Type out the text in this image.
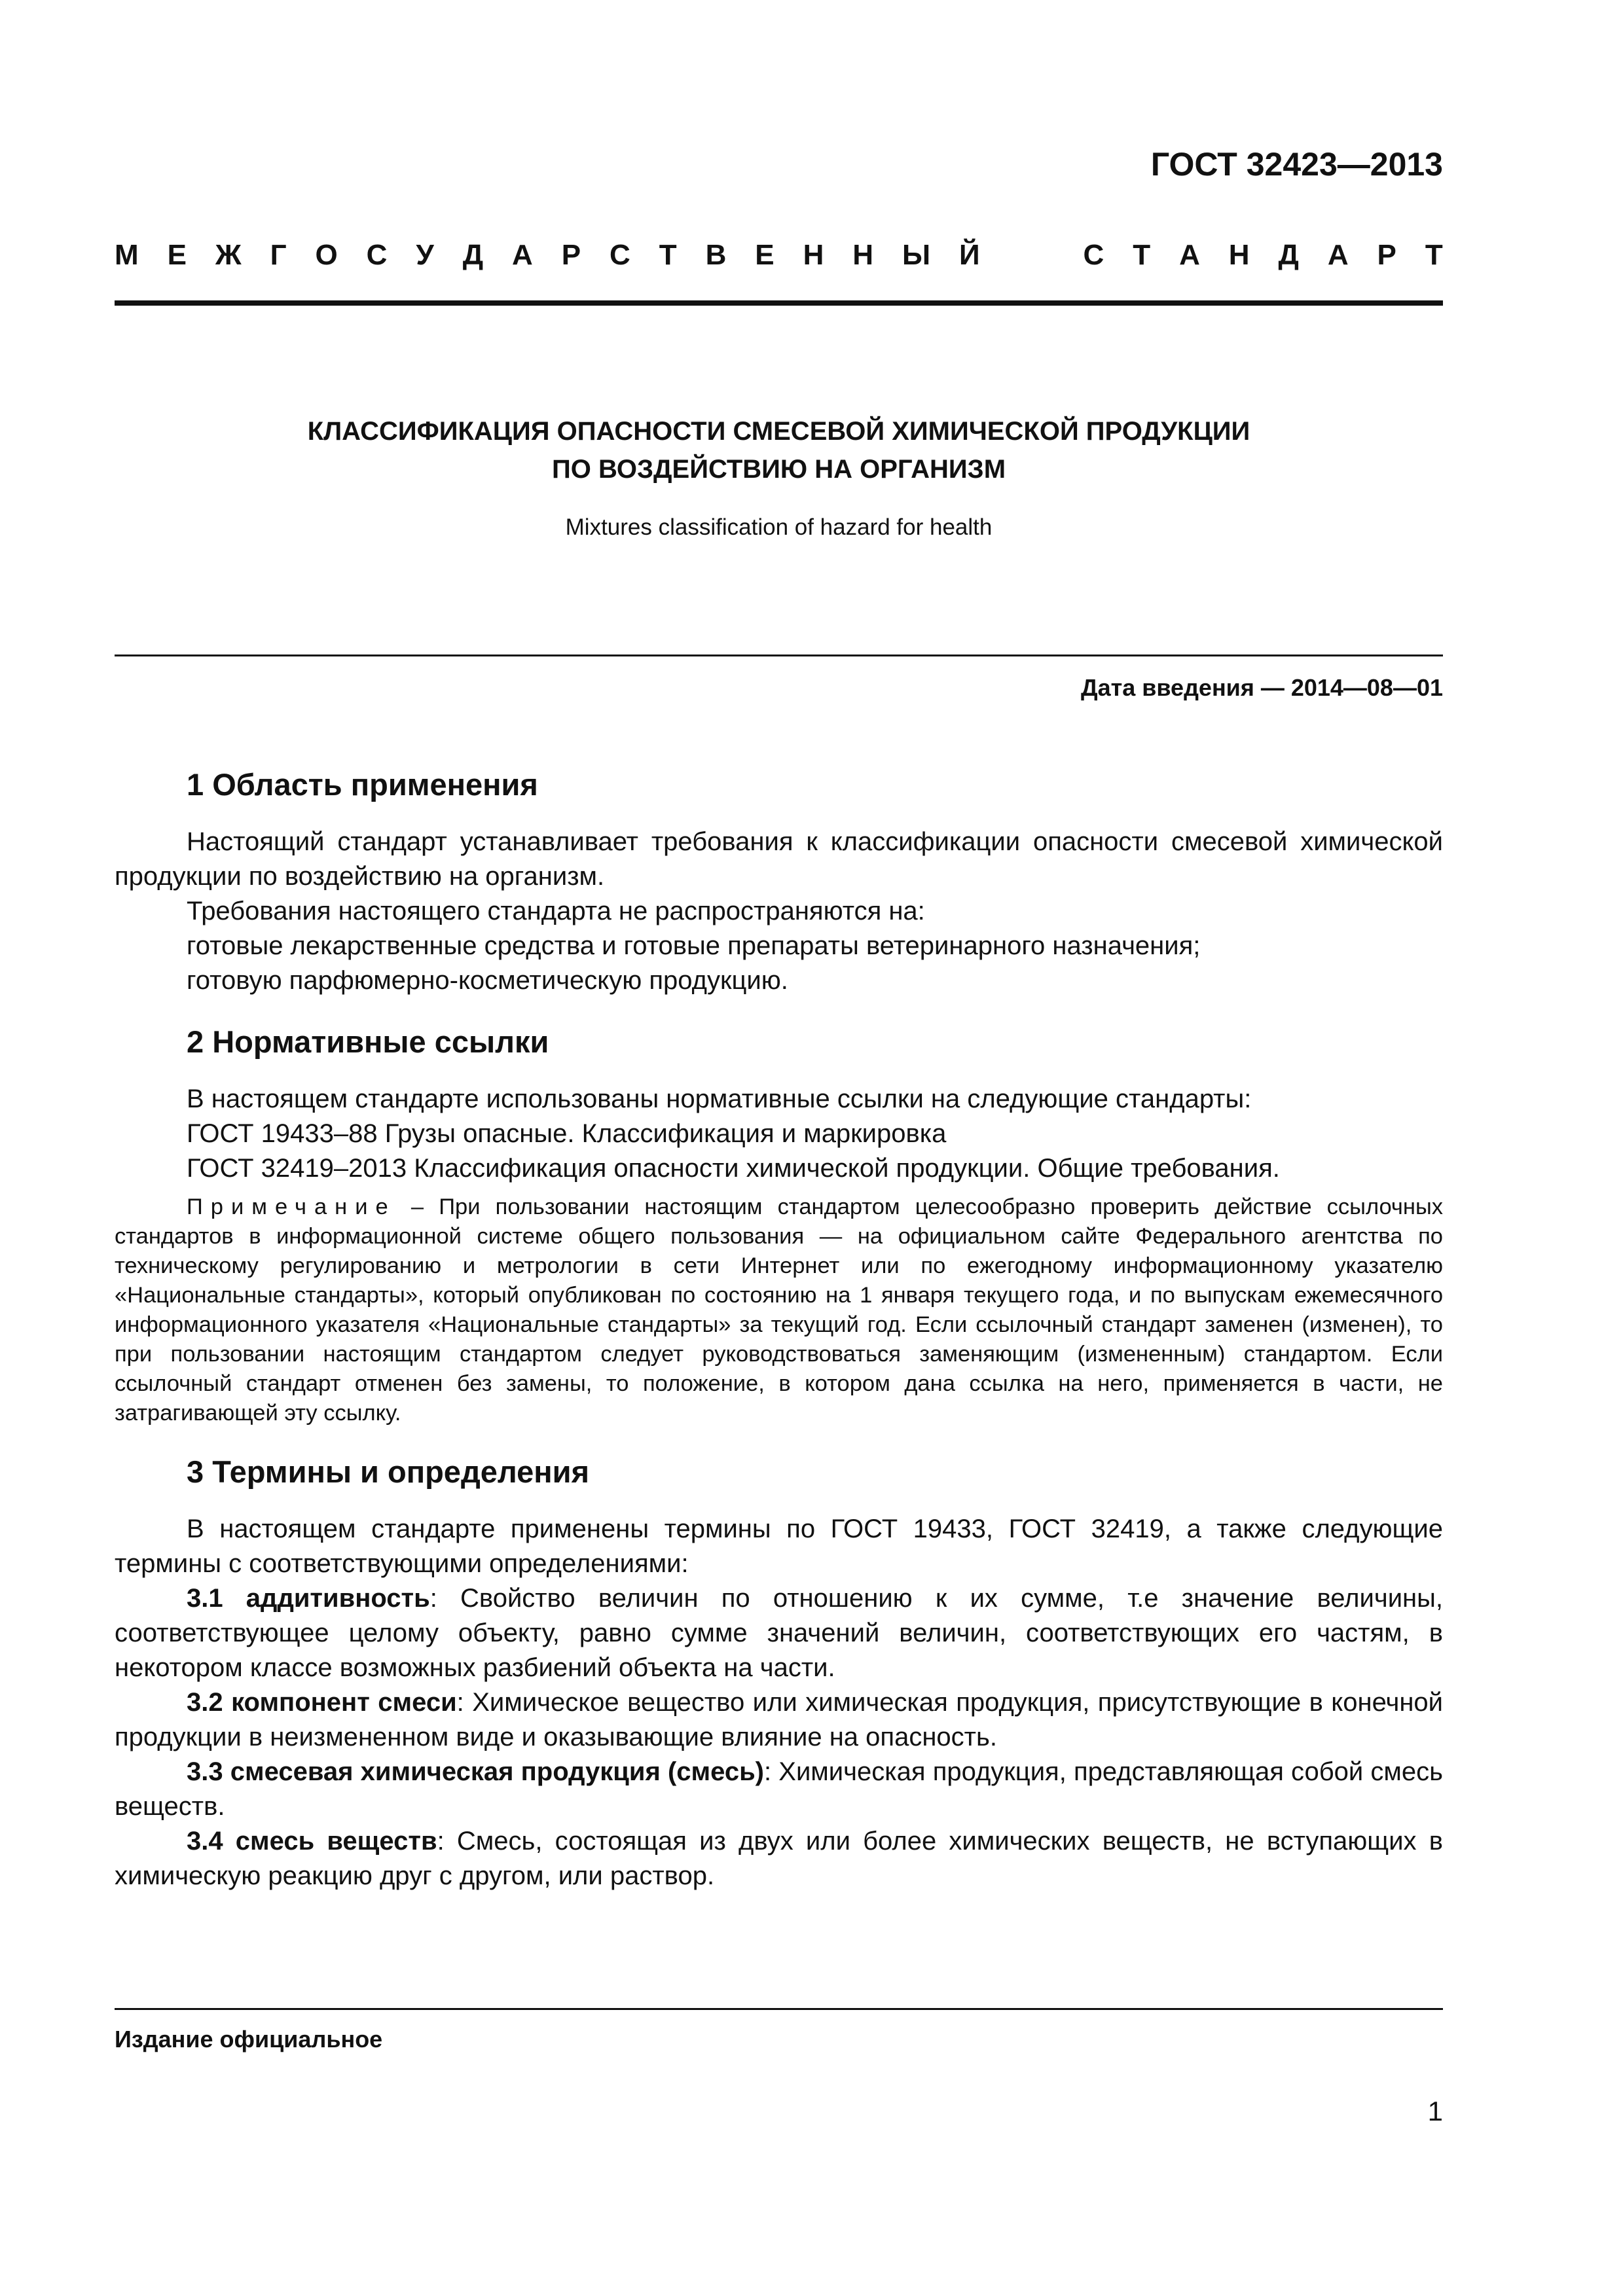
ГОСТ 32423—2013
М Е Ж Г О С У Д А Р С Т В Е Н Н Ы Й	С Т А Н Д А Р Т
КЛАССИФИКАЦИЯ ОПАСНОСТИ СМЕСЕВОЙ ХИМИЧЕСКОЙ ПРОДУКЦИИ
ПО ВОЗДЕЙСТВИЮ НА ОРГАНИЗМ
Mixtures classification of hazard for health
Дата введения — 2014—08—01
1 Область применения

Настоящий стандарт устанавливает требования к классификации опасности смесевой химической продукции по воздействию на организм.

Требования настоящего стандарта не распространяются на:

готовые лекарственные средства и готовые препараты ветеринарного назначения;

готовую парфюмерно-косметическую продукцию.

2 Нормативные ссылки

В настоящем стандарте использованы нормативные ссылки на следующие стандарты:

ГОСТ 19433–88 Грузы опасные. Классификация и маркировка

ГОСТ 32419–2013 Классификация опасности химической продукции. Общие требования.

Примечание – При пользовании настоящим стандартом целесообразно проверить действие ссылочных стандартов в информационной системе общего пользования — на официальном сайте Федерального агентства по техническому регулированию и метрологии в сети Интернет или по ежегодному информационному указателю «Национальные стандарты», который опубликован по состоянию на 1 января текущего года, и по выпускам ежемесячного информационного указателя «Национальные стандарты» за текущий год. Если ссылочный стандарт заменен (изменен), то при пользовании настоящим стандартом следует руководствоваться заменяющим (измененным) стандартом. Если ссылочный стандарт отменен без замены, то положение, в котором дана ссылка на него, применяется в части, не затрагивающей эту ссылку.
3 Термины и определения

В настоящем стандарте применены термины по ГОСТ 19433, ГОСТ 32419, а также следующие термины с соответствующими определениями:

3.1 аддитивность: Свойство величин по отношению к их сумме, т.е значение величины, соответствующее целому объекту, равно сумме значений величин, соответствующих его частям, в некотором классе возможных разбиений объекта на части.

3.2 компонент смеси: Химическое вещество или химическая продукция, присутствующие в конечной продукции в неизмененном виде и оказывающие влияние на опасность.

3.3 смесевая химическая продукция (смесь): Химическая продукция, представляющая собой смесь веществ.

3.4 смесь веществ: Смесь, состоящая из двух или более химических веществ, не вступающих в химическую реакцию друг с другом, или раствор.

Издание официальное
1
